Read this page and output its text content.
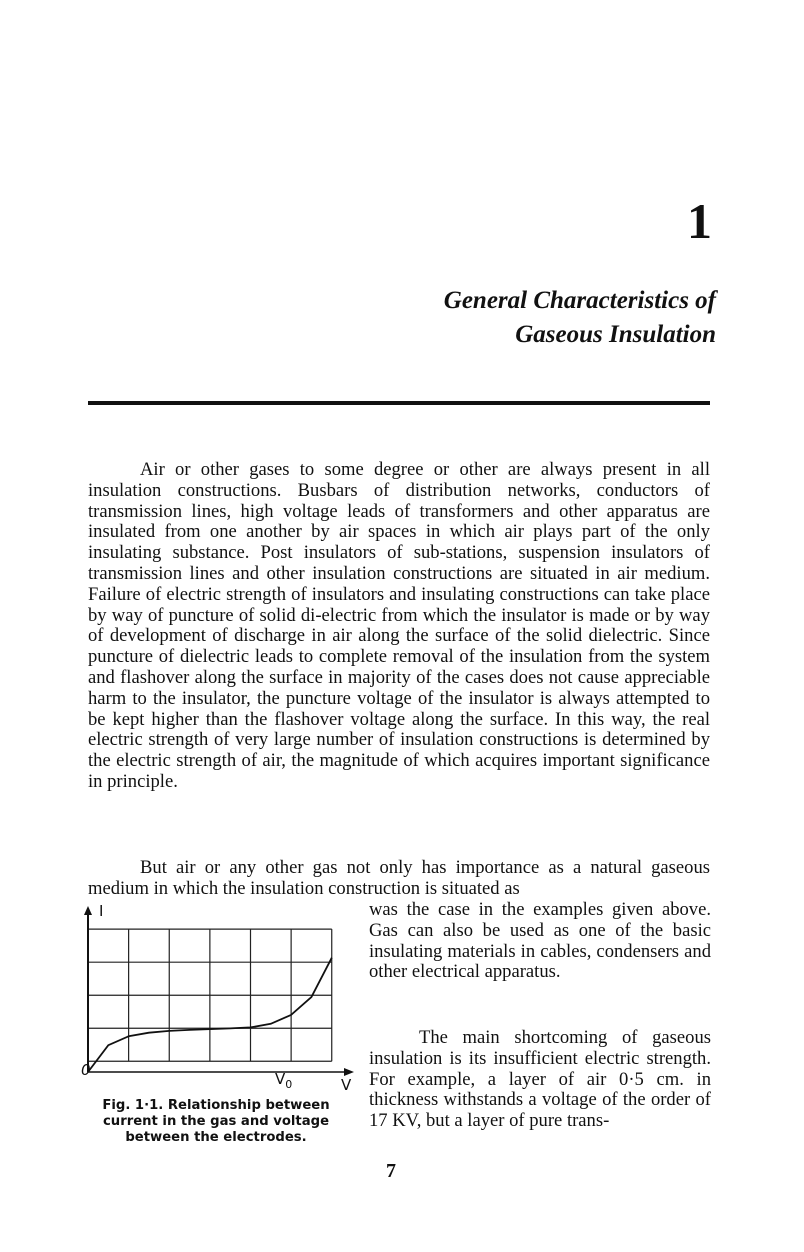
1
General Characteristics of
Gaseous Insulation

Air or other gases to some degree or other are always present in all insulation constructions. Busbars of distribution networks, conductors of transmission lines, high voltage leads of transformers and other apparatus are insulated from one another by air spaces in which air plays part of the only insulating substance. Post insulators of sub-stations, suspension insulators of transmission lines and other insulation constructions are situated in air medium. Failure of electric strength of insulators and insulating constructions can take place by way of puncture of solid di-electric from which the insulator is made or by way of development of discharge in air along the surface of the solid dielectric. Since puncture of dielectric leads to complete removal of the insulation from the system and flashover along the surface in majority of the cases does not cause appreciable harm to the insulator, the puncture voltage of the insulator is always attempted to be kept higher than the flashover voltage along the surface. In this way, the real electric strength of very large number of insulation constructions is determined by the electric strength of air, the magnitude of which acquires important significance in principle.

But air or any other gas not only has importance as a natural gaseous medium in which the insulation construction is situated as

was the case in the examples given above. Gas can also be used as one of the basic insulating materials in cables, condensers and other electrical apparatus.

The main shortcoming of gaseous insulation is its insufficient electric strength. For example, a layer of air 0·5 cm. in thickness withstands a voltage of the order of 17 KV, but a layer of pure trans-

I
0	$V_0$	V

Fig. 1·1. Relationship between current in the gas and voltage between the electrodes.

7
